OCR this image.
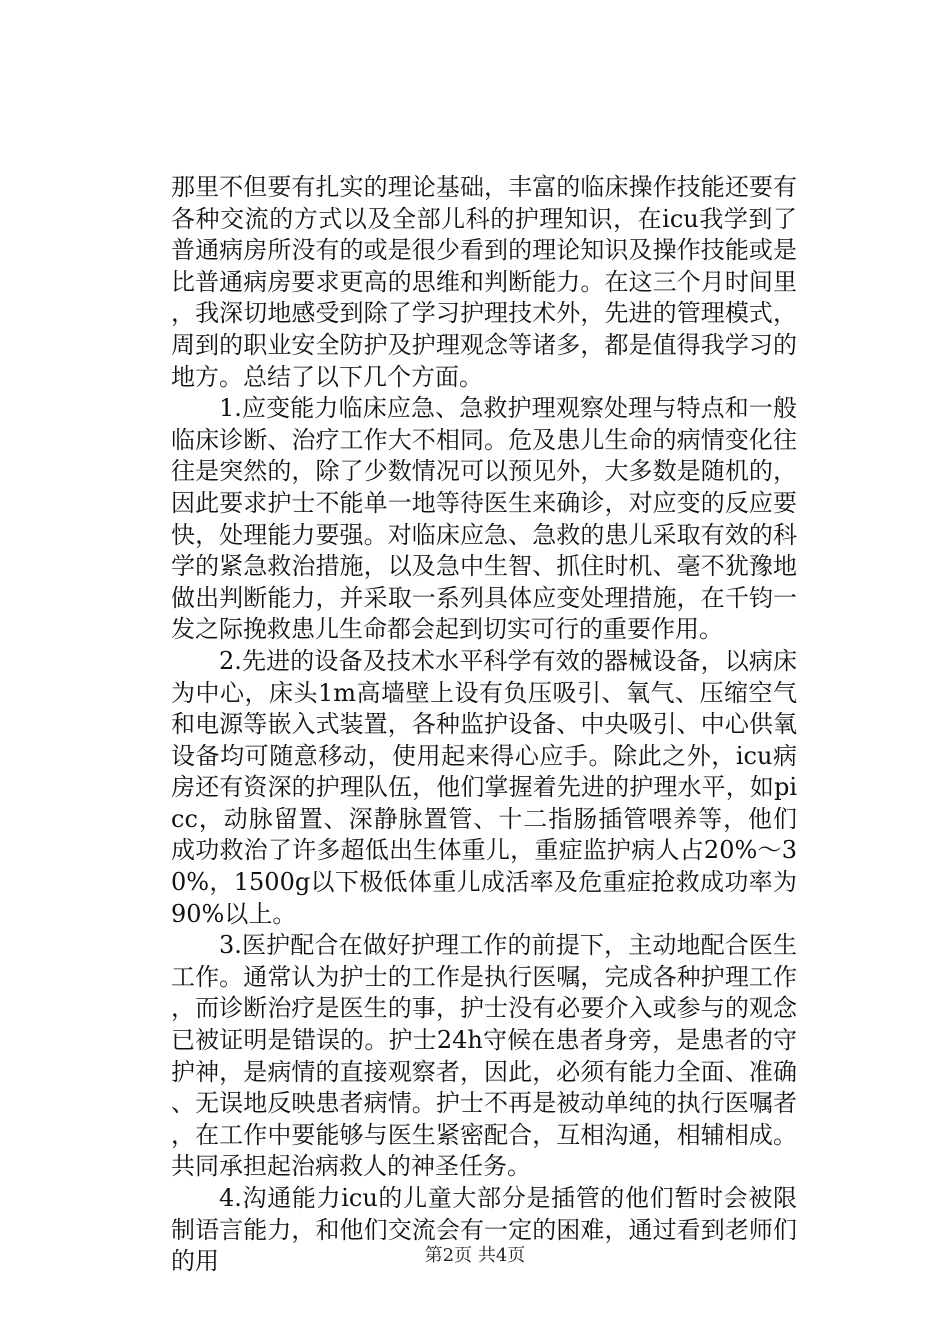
那里不但要有扎实的理论基础，丰富的临床操作技能还要有各种交流的方式以及全部儿科的护理知识，在icu我学到了普通病房所没有的或是很少看到的理论知识及操作技能或是比普通病房要求更高的思维和判断能力。在这三个月时间里，我深切地感受到除了学习护理技术外，先进的管理模式，周到的职业安全防护及护理观念等诸多，都是值得我学习的地方。总结了以下几个方面。

1.应变能力临床应急、急救护理观察处理与特点和一般临床诊断、治疗工作大不相同。危及患儿生命的病情变化往往是突然的，除了少数情况可以预见外，大多数是随机的，因此要求护士不能单一地等待医生来确诊，对应变的反应要快，处理能力要强。对临床应急、急救的患儿采取有效的科学的紧急救治措施，以及急中生智、抓住时机、毫不犹豫地做出判断能力，并采取一系列具体应变处理措施，在千钧一发之际挽救患儿生命都会起到切实可行的重要作用。

2.先进的设备及技术水平科学有效的器械设备，以病床为中心，床头1m高墙壁上设有负压吸引、氧气、压缩空气和电源等嵌入式装置，各种监护设备、中央吸引、中心供氧设备均可随意移动，使用起来得心应手。除此之外，icu病房还有资深的护理队伍，他们掌握着先进的护理水平，如picc，动脉留置、深静脉置管、十二指肠插管喂养等，他们成功救治了许多超低出生体重儿，重症监护病人占20%～30%，1500g以下极低体重儿成活率及危重症抢救成功率为90%以上。

3.医护配合在做好护理工作的前提下，主动地配合医生工作。通常认为护士的工作是执行医嘱，完成各种护理工作，而诊断治疗是医生的事，护士没有必要介入或参与的观念已被证明是错误的。护士24h守候在患者身旁，是患者的守护神，是病情的直接观察者，因此，必须有能力全面、准确、无误地反映患者病情。护士不再是被动单纯的执行医嘱者，在工作中要能够与医生紧密配合，互相沟通，相辅相成。共同承担起治病救人的神圣任务。

4.沟通能力icu的儿童大部分是插管的他们暂时会被限制语言能力，和他们交流会有一定的困难，通过看到老师们的用	第2页 共4页
